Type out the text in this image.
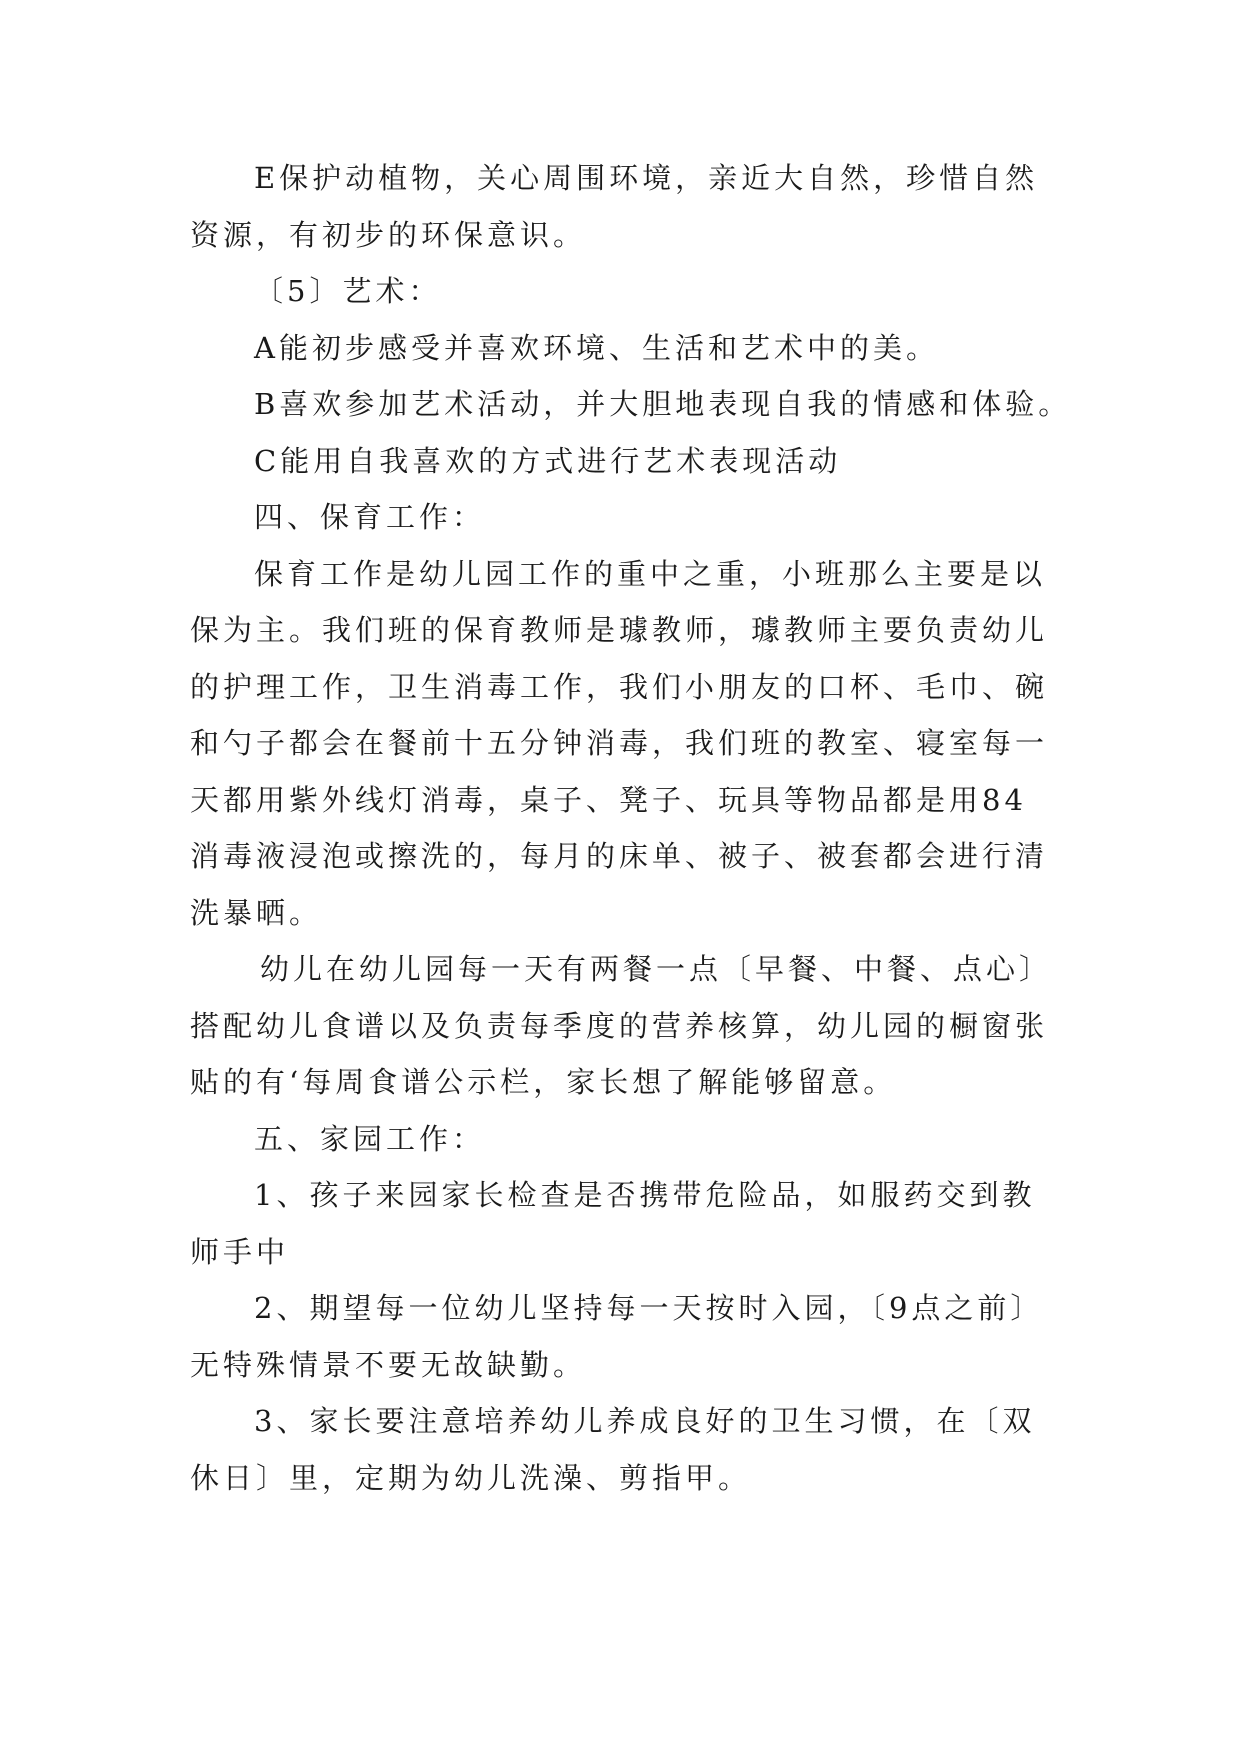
E保护动植物，关心周围环境，亲近大自然，珍惜自然
资源，有初步的环保意识。
〔5〕艺术：
A能初步感受并喜欢环境、生活和艺术中的美。
B喜欢参加艺术活动，并大胆地表现自我的情感和体验。
C能用自我喜欢的方式进行艺术表现活动
四、保育工作：
保育工作是幼儿园工作的重中之重，小班那么主要是以
保为主。我们班的保育教师是璩教师，璩教师主要负责幼儿
的护理工作，卫生消毒工作，我们小朋友的口杯、毛巾、碗
和勺子都会在餐前十五分钟消毒，我们班的教室、寝室每一
天都用紫外线灯消毒，桌子、凳子、玩具等物品都是用84
消毒液浸泡或擦洗的，每月的床单、被子、被套都会进行清
洗暴晒。
幼儿在幼儿园每一天有两餐一点〔早餐、中餐、点心〕
搭配幼儿食谱以及负责每季度的营养核算，幼儿园的橱窗张
贴的有‘每周食谱公示栏，家长想了解能够留意。
五、家园工作：
1、孩子来园家长检查是否携带危险品，如服药交到教
师手中
2、期望每一位幼儿坚持每一天按时入园，〔9点之前〕
无特殊情景不要无故缺勤。
3、家长要注意培养幼儿养成良好的卫生习惯，在〔双
休日〕里，定期为幼儿洗澡、剪指甲。
